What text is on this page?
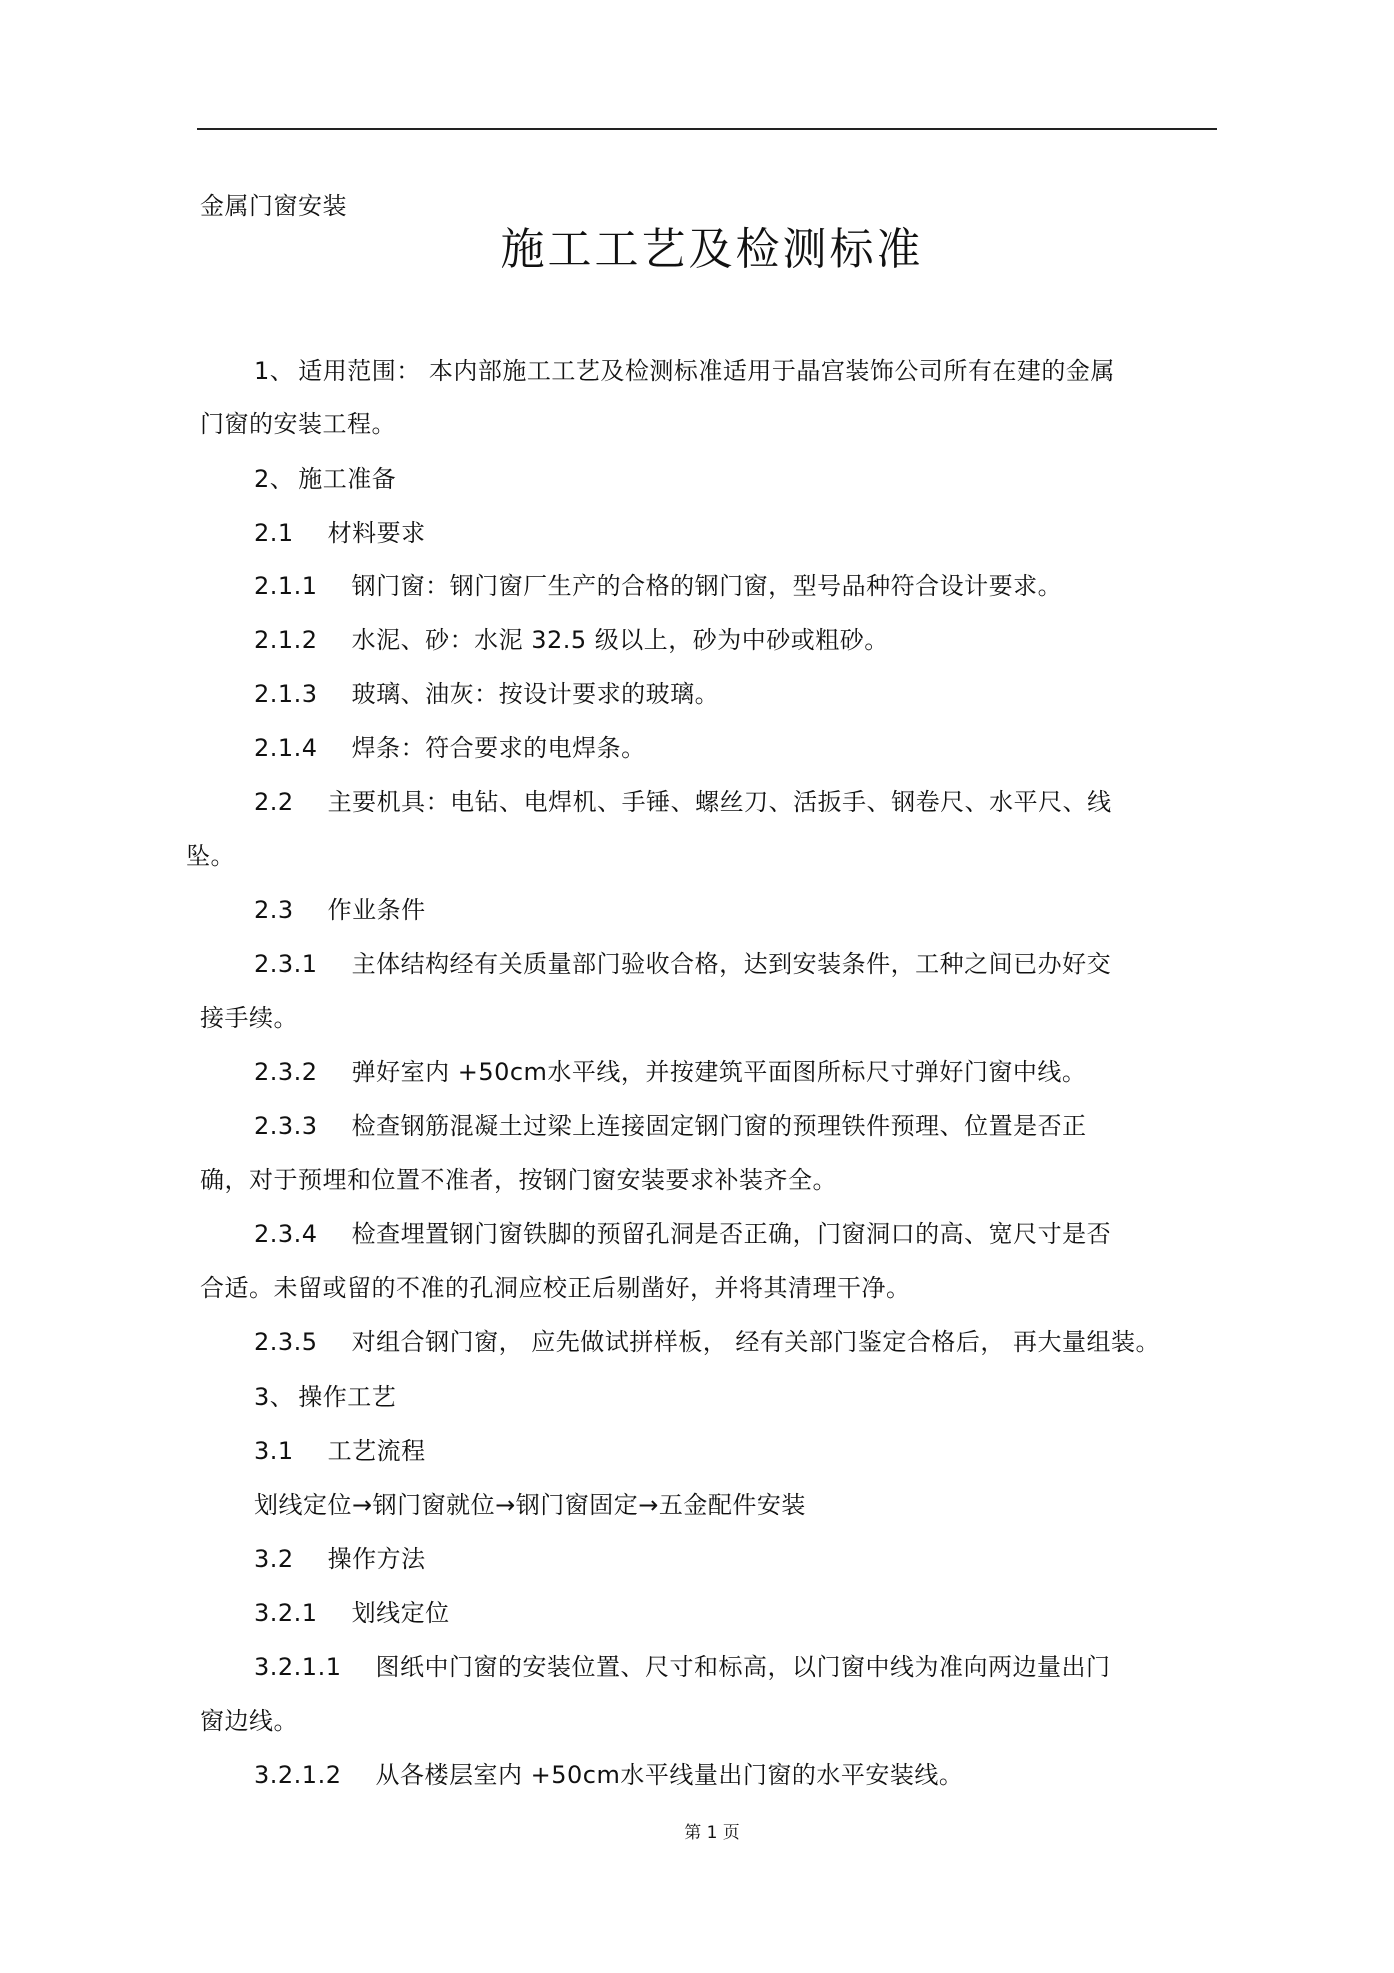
金属门窗安装
施工工艺及检测标准
1、 适用范围： 本内部施工工艺及检测标准适用于晶宫装饰公司所有在建的金属
门窗的安装工程。
2、 施工准备
2.1 材料要求
2.1.1 钢门窗：钢门窗厂生产的合格的钢门窗，型号品种符合设计要求。
2.1.2 水泥、砂：水泥 32.5 级以上，砂为中砂或粗砂。
2.1.3 玻璃、油灰：按设计要求的玻璃。
2.1.4 焊条：符合要求的电焊条。
2.2 主要机具：电钻、电焊机、手锤、螺丝刀、活扳手、钢卷尺、水平尺、线
坠。
2.3 作业条件
2.3.1 主体结构经有关质量部门验收合格，达到安装条件，工种之间已办好交
接手续。
2.3.2 弹好室内 +50cm水平线，并按建筑平面图所标尺寸弹好门窗中线。
2.3.3 检查钢筋混凝土过梁上连接固定钢门窗的预理铁件预理、位置是否正
确，对于预埋和位置不准者，按钢门窗安装要求补装齐全。
2.3.4 检查埋置钢门窗铁脚的预留孔洞是否正确，门窗洞口的高、宽尺寸是否
合适。未留或留的不准的孔洞应校正后剔凿好，并将其清理干净。
2.3.5 对组合钢门窗， 应先做试拼样板， 经有关部门鉴定合格后， 再大量组装。
3、 操作工艺
3.1 工艺流程
划线定位→钢门窗就位→钢门窗固定→五金配件安装
3.2 操作方法
3.2.1 划线定位
3.2.1.1 图纸中门窗的安装位置、尺寸和标高，以门窗中线为准向两边量出门
窗边线。
3.2.1.2 从各楼层室内 +50cm水平线量出门窗的水平安装线。
第 1 页
